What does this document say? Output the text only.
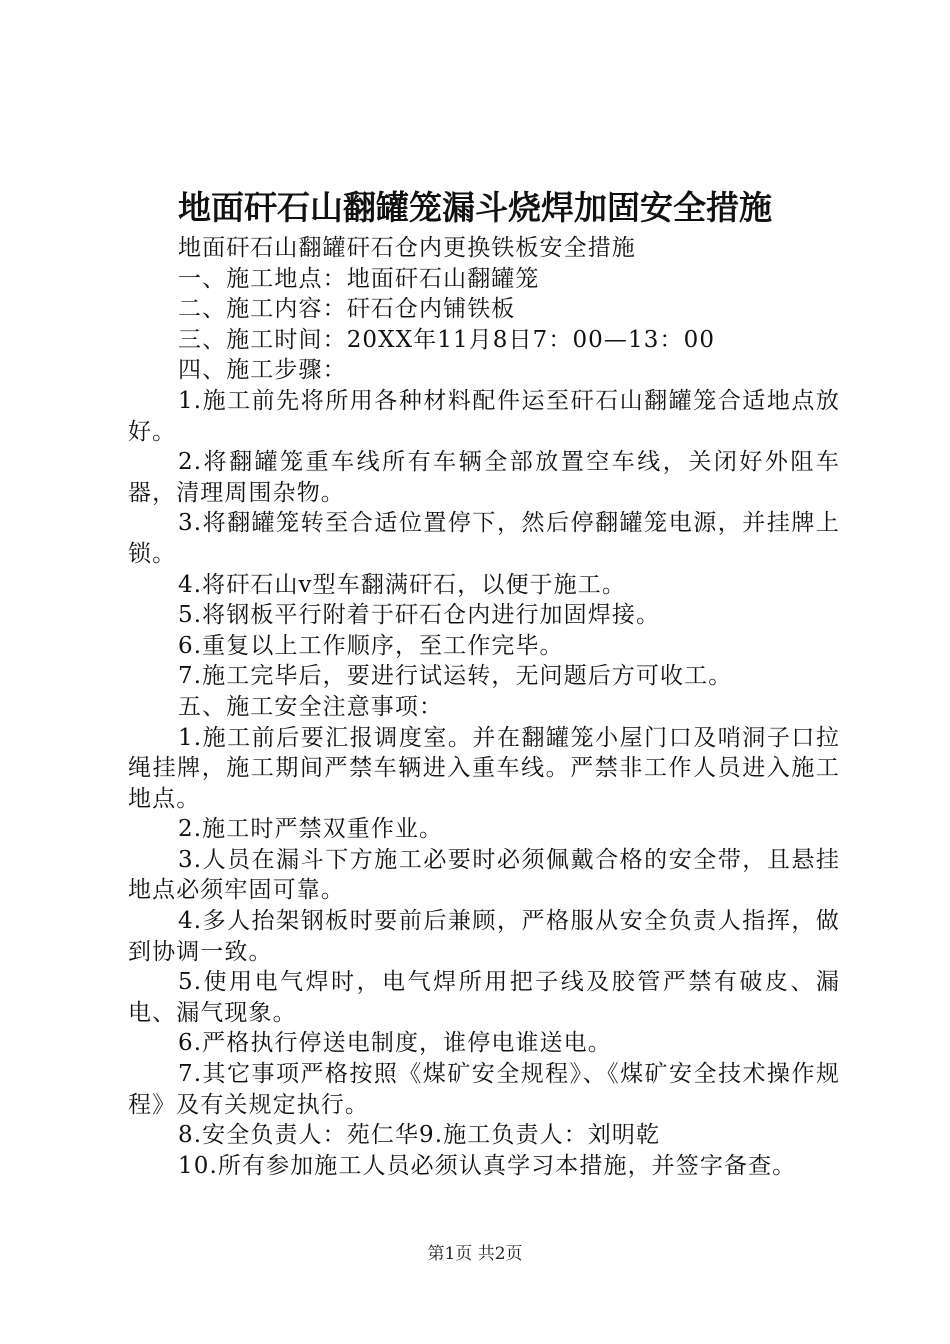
地面矸石山翻罐笼漏斗烧焊加固安全措施

地面矸石山翻罐矸石仓内更换铁板安全措施

一、施工地点：地面矸石山翻罐笼

二、施工内容：矸石仓内铺铁板

三、施工时间：20XX年11月8日7：00—13：00

四、施工步骤：

1.施工前先将所用各种材料配件运至矸石山翻罐笼合适地点放好。

2.将翻罐笼重车线所有车辆全部放置空车线，关闭好外阻车器，清理周围杂物。

3.将翻罐笼转至合适位置停下，然后停翻罐笼电源，并挂牌上锁。

4.将矸石山v型车翻满矸石，以便于施工。

5.将钢板平行附着于矸石仓内进行加固焊接。

6.重复以上工作顺序，至工作完毕。

7.施工完毕后，要进行试运转，无问题后方可收工。

五、施工安全注意事项：

1.施工前后要汇报调度室。并在翻罐笼小屋门口及哨洞子口拉绳挂牌，施工期间严禁车辆进入重车线。严禁非工作人员进入施工地点。

2.施工时严禁双重作业。

3.人员在漏斗下方施工必要时必须佩戴合格的安全带，且悬挂地点必须牢固可靠。

4.多人抬架钢板时要前后兼顾，严格服从安全负责人指挥，做到协调一致。

5.使用电气焊时，电气焊所用把子线及胶管严禁有破皮、漏电、漏气现象。

6.严格执行停送电制度，谁停电谁送电。

7.其它事项严格按照《煤矿安全规程》、《煤矿安全技术操作规程》及有关规定执行。

8.安全负责人：苑仁华9.施工负责人：刘明乾

10.所有参加施工人员必须认真学习本措施，并签字备查。

第1页 共2页
